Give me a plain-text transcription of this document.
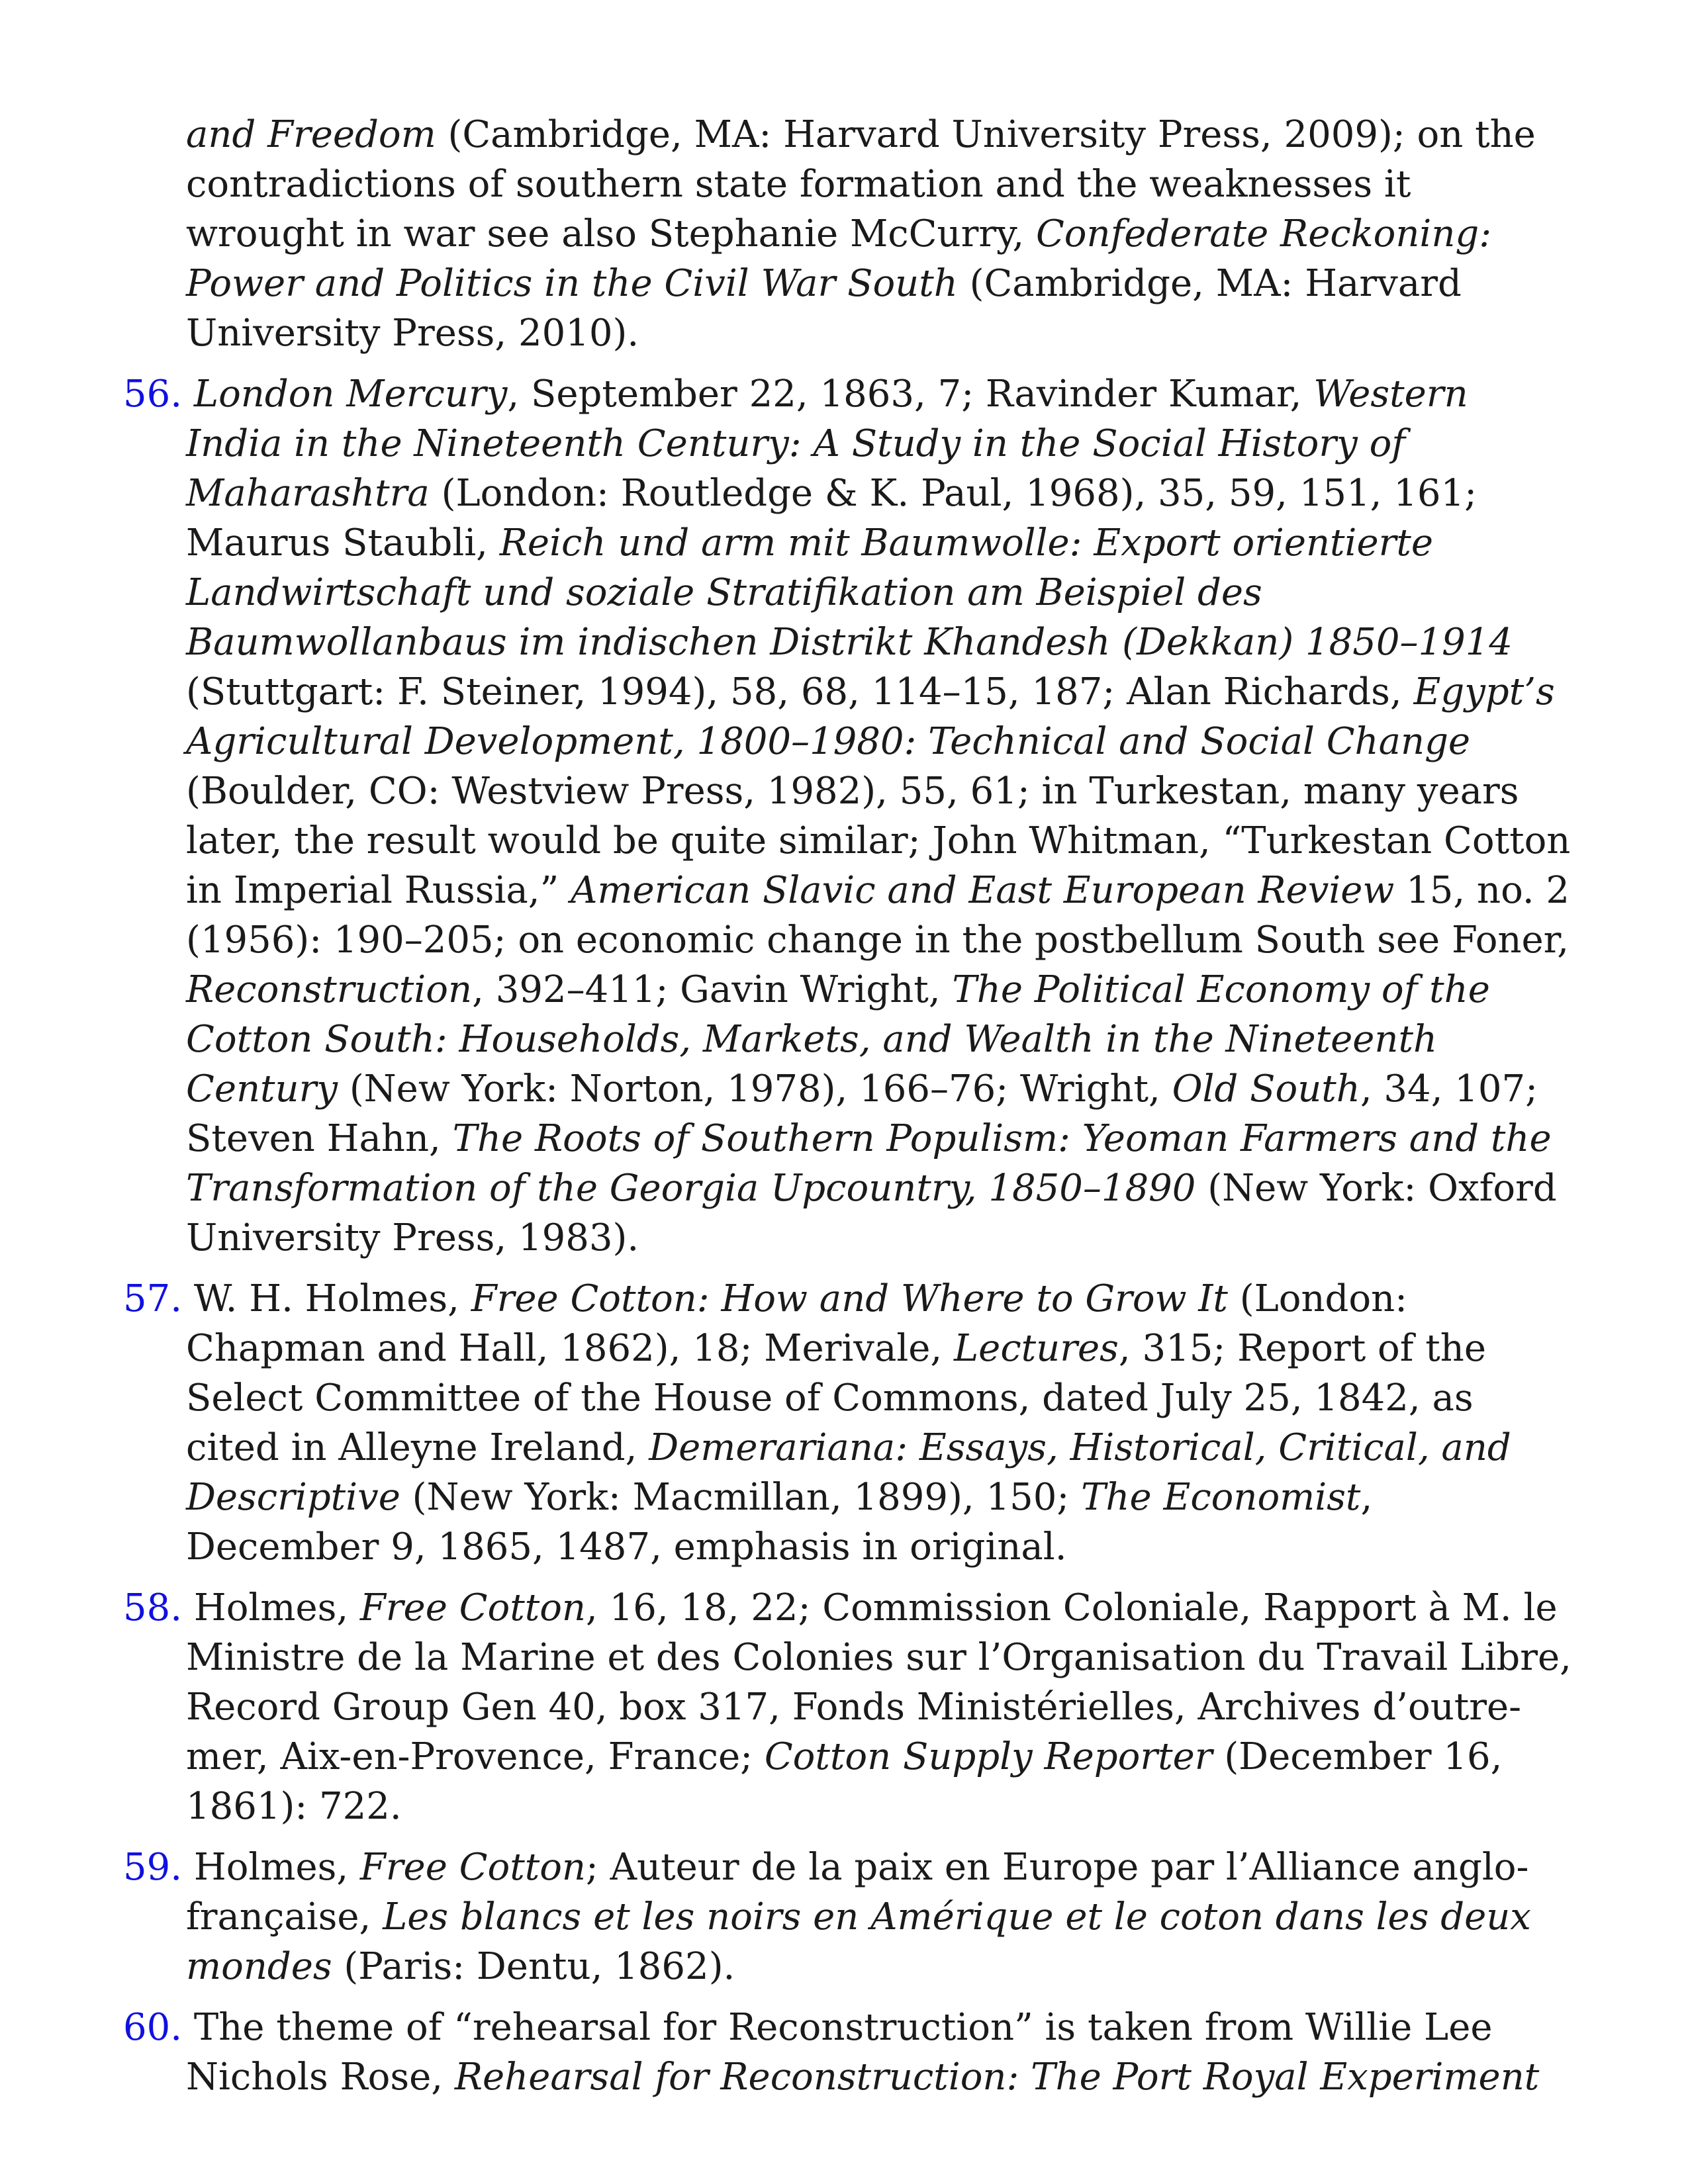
and Freedom (Cambridge, MA: Harvard University Press, 2009); on the contradictions of southern state formation and the weaknesses it wrought in war see also Stephanie McCurry, Confederate Reckoning: Power and Politics in the Civil War South (Cambridge, MA: Harvard University Press, 2010).

56. London Mercury, September 22, 1863, 7; Ravinder Kumar, Western India in the Nineteenth Century: A Study in the Social History of Maharashtra (London: Routledge & K. Paul, 1968), 35, 59, 151, 161; Maurus Staubli, Reich und arm mit Baumwolle: Export orientierte Landwirtschaft und soziale Stratifikation am Beispiel des Baumwollanbaus im indischen Distrikt Khandesh (Dekkan) 1850–1914 (Stuttgart: F. Steiner, 1994), 58, 68, 114–15, 187; Alan Richards, Egypt’s Agricultural Development, 1800–1980: Technical and Social Change (Boulder, CO: Westview Press, 1982), 55, 61; in Turkestan, many years later, the result would be quite similar; John Whitman, “Turkestan Cotton in Imperial Russia,” American Slavic and East European Review 15, no. 2 (1956): 190–205; on economic change in the postbellum South see Foner, Reconstruction, 392–411; Gavin Wright, The Political Economy of the Cotton South: Households, Markets, and Wealth in the Nineteenth Century (New York: Norton, 1978), 166–76; Wright, Old South, 34, 107; Steven Hahn, The Roots of Southern Populism: Yeoman Farmers and the Transformation of the Georgia Upcountry, 1850–1890 (New York: Oxford University Press, 1983).

57. W. H. Holmes, Free Cotton: How and Where to Grow It (London: Chapman and Hall, 1862), 18; Merivale, Lectures, 315; Report of the Select Committee of the House of Commons, dated July 25, 1842, as cited in Alleyne Ireland, Demerariana: Essays, Historical, Critical, and Descriptive (New York: Macmillan, 1899), 150; The Economist, December 9, 1865, 1487, emphasis in original.

58. Holmes, Free Cotton, 16, 18, 22; Commission Coloniale, Rapport à M. le Ministre de la Marine et des Colonies sur l’Organisation du Travail Libre, Record Group Gen 40, box 317, Fonds Ministérielles, Archives d’outre-mer, Aix-en-Provence, France; Cotton Supply Reporter (December 16, 1861): 722.

59. Holmes, Free Cotton; Auteur de la paix en Europe par l’Alliance anglo-française, Les blancs et les noirs en Amérique et le coton dans les deux mondes (Paris: Dentu, 1862).

60. The theme of “rehearsal for Reconstruction” is taken from Willie Lee Nichols Rose, Rehearsal for Reconstruction: The Port Royal Experiment
